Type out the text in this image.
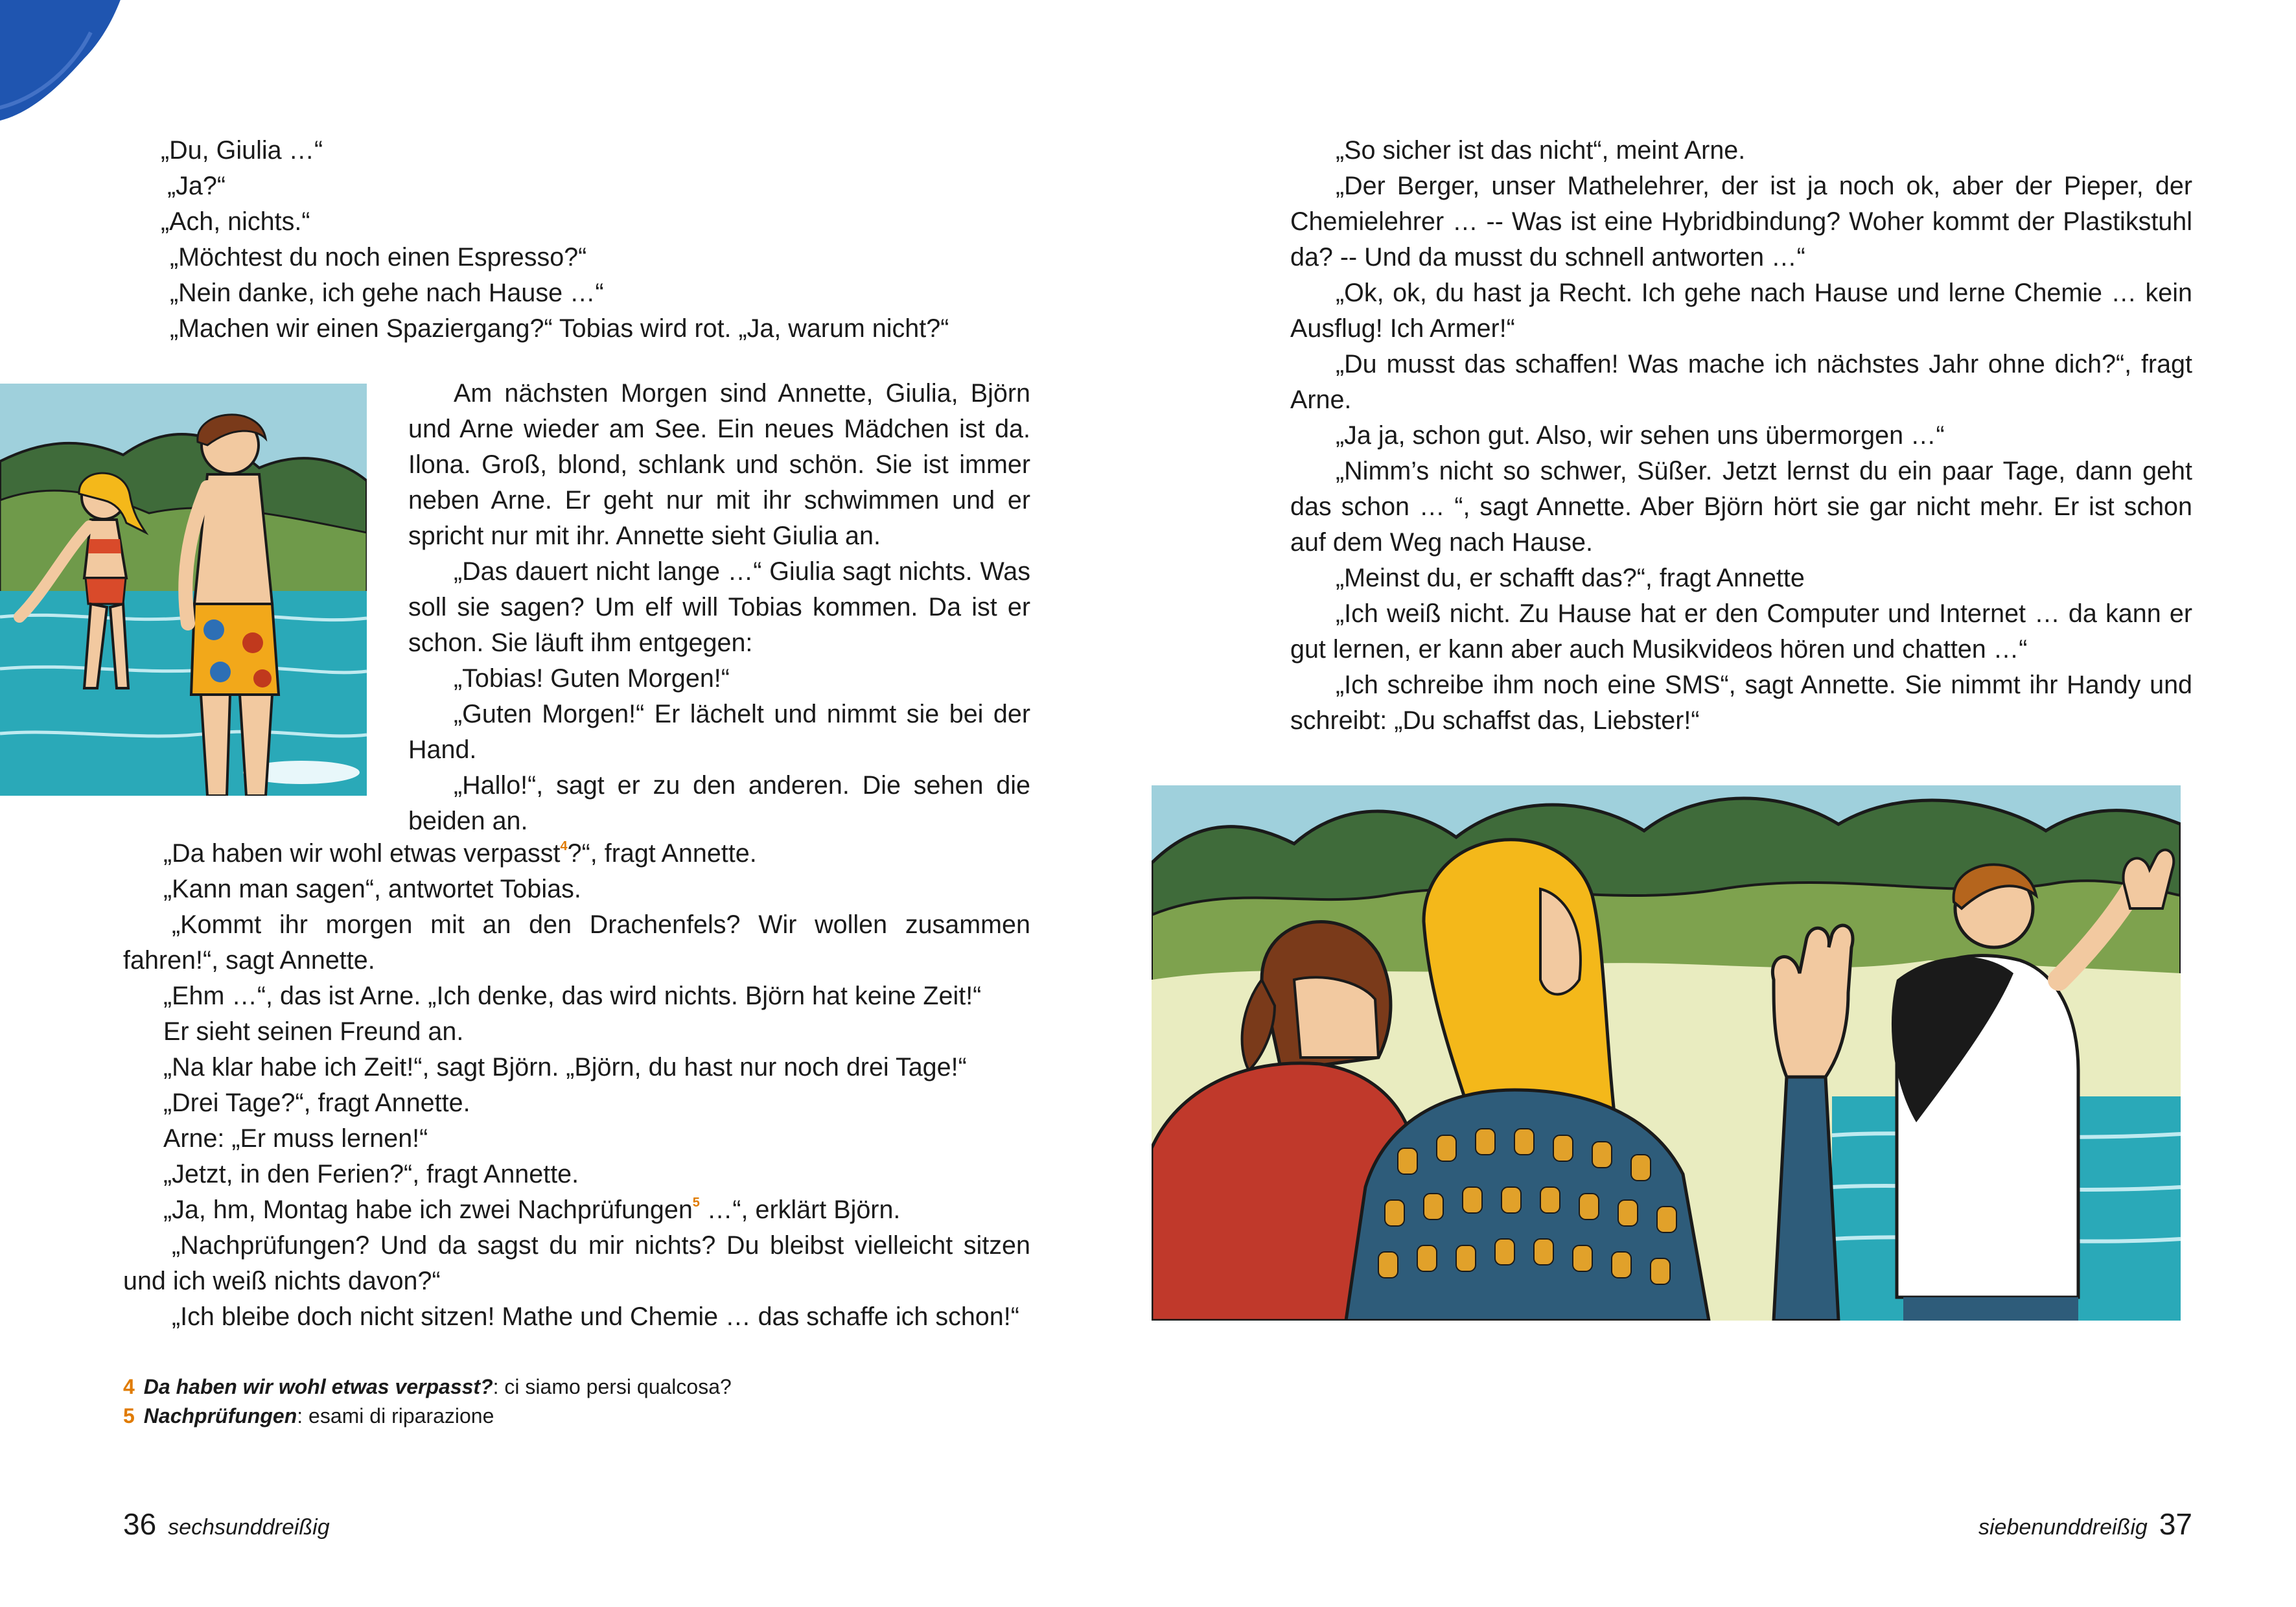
„Du, Giulia …“

„Ja?“

„Ach, nichts.“

„Möchtest du noch einen Espresso?“

„Nein danke, ich gehe nach Hause …“

„Machen wir einen Spaziergang?“ Tobias wird rot. „Ja, warum nicht?“

Am nächsten Morgen sind Annette, Giulia, Björn und Arne wieder am See. Ein neues Mädchen ist da. Ilona. Groß, blond, schlank und schön. Sie ist immer neben Arne. Er geht nur mit ihr schwimmen und er spricht nur mit ihr. Annette sieht Giulia an.

„Das dauert nicht lange …“ Giulia sagt nichts. Was soll sie sagen? Um elf will Tobias kommen. Da ist er schon. Sie läuft ihm entgegen:

„Tobias! Guten Morgen!“

„Guten Morgen!“ Er lächelt und nimmt sie bei der Hand.

„Hallo!“, sagt er zu den anderen. Die sehen die beiden an.

„Da haben wir wohl etwas verpasst$^4$?“, fragt Annette.

„Kann man sagen“, antwortet Tobias.

„Kommt ihr morgen mit an den Drachenfels? Wir wollen zusammen fahren!“, sagt Annette.

„Ehm …“, das ist Arne. „Ich denke, das wird nichts. Björn hat keine Zeit!“

Er sieht seinen Freund an.

„Na klar habe ich Zeit!“, sagt Björn. „Björn, du hast nur noch drei Tage!“

„Drei Tage?“, fragt Annette.

Arne: „Er muss lernen!“

„Jetzt, in den Ferien?“, fragt Annette.

„Ja, hm, Montag habe ich zwei Nachprüfungen$^5$ …“, erklärt Björn.

„Nachprüfungen? Und da sagst du mir nichts? Du bleibst vielleicht sitzen und ich weiß nichts davon?“

„Ich bleibe doch nicht sitzen! Mathe und Chemie … das schaffe ich schon!“

4 Da haben wir wohl etwas verpasst?: ci siamo persi qualcosa?
5 Nachprüfungen: esami di riparazione
36 sechsunddreißig

„So sicher ist das nicht“, meint Arne.

„Der Berger, unser Mathelehrer, der ist ja noch ok, aber der Pieper, der Chemielehrer … -- Was ist eine Hybridbindung? Woher kommt der Plastikstuhl da? -- Und da musst du schnell antworten …“

„Ok, ok, du hast ja Recht. Ich gehe nach Hause und lerne Chemie … kein Ausflug! Ich Armer!“

„Du musst das schaffen! Was mache ich nächstes Jahr ohne dich?“, fragt Arne.

„Ja ja, schon gut. Also, wir sehen uns übermorgen …“

„Nimm’s nicht so schwer, Süßer. Jetzt lernst du ein paar Tage, dann geht das schon … “, sagt Annette. Aber Björn hört sie gar nicht mehr. Er ist schon auf dem Weg nach Hause.

„Meinst du, er schafft das?“, fragt Annette

„Ich weiß nicht. Zu Hause hat er den Computer und Internet … da kann er gut lernen, er kann aber auch Musikvideos hören und chatten …“

„Ich schreibe ihm noch eine SMS“, sagt Annette. Sie nimmt ihr Handy und schreibt: „Du schaffst das, Liebster!“

siebenunddreißig 37
